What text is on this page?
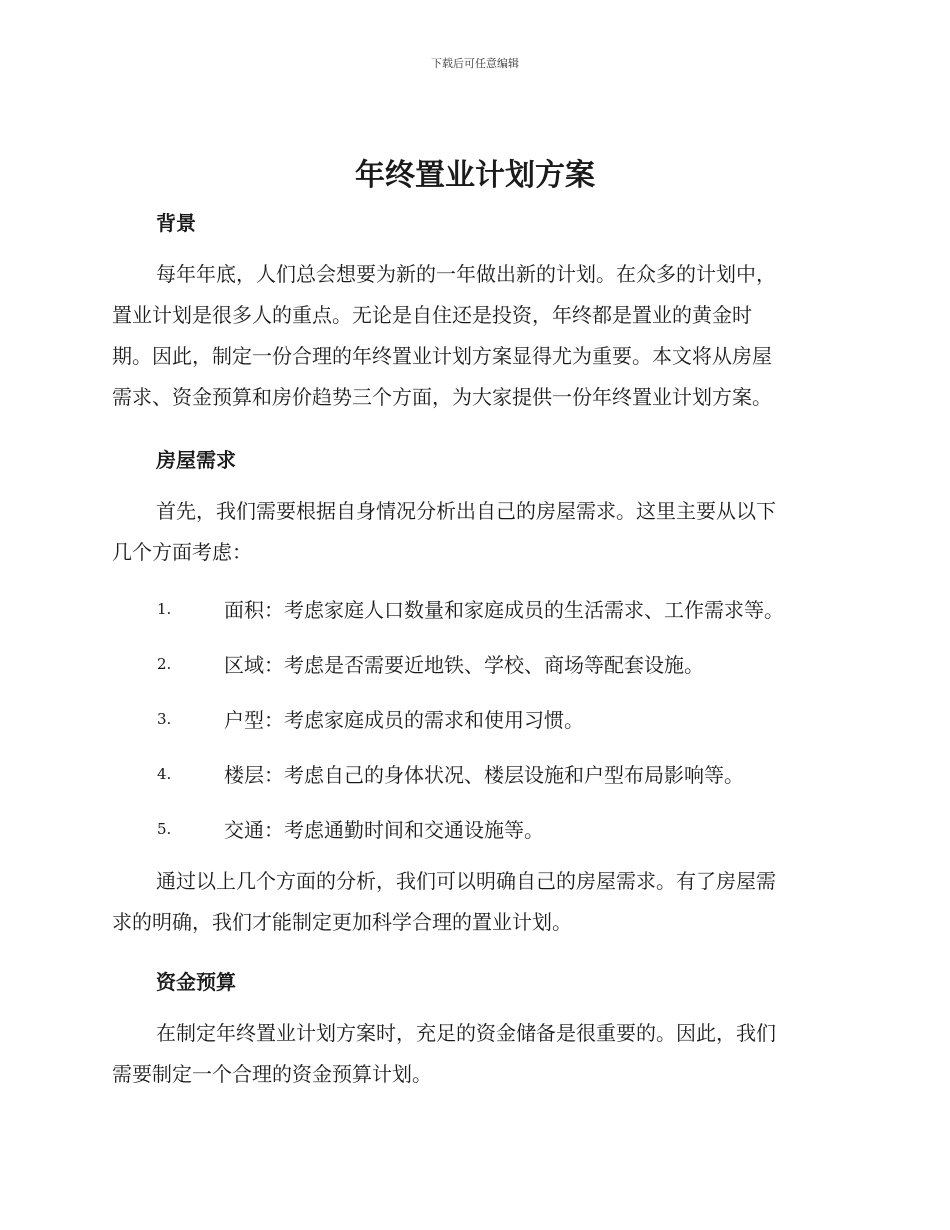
下载后可任意编辑
年终置业计划方案
背景

每年年底，人们总会想要为新的一年做出新的计划。在众多的计划中，
置业计划是很多人的重点。无论是自住还是投资，年终都是置业的黄金时
期。因此，制定一份合理的年终置业计划方案显得尤为重要。本文将从房屋
需求、资金预算和房价趋势三个方面，为大家提供一份年终置业计划方案。

房屋需求

首先，我们需要根据自身情况分析出自己的房屋需求。这里主要从以下
几个方面考虑：

1.	面积：考虑家庭人口数量和家庭成员的生活需求、工作需求等。
2.	区域：考虑是否需要近地铁、学校、商场等配套设施。
3.	户型：考虑家庭成员的需求和使用习惯。
4.	楼层：考虑自己的身体状况、楼层设施和户型布局影响等。
5.	交通：考虑通勤时间和交通设施等。

通过以上几个方面的分析，我们可以明确自己的房屋需求。有了房屋需
求的明确，我们才能制定更加科学合理的置业计划。

资金预算

在制定年终置业计划方案时，充足的资金储备是很重要的。因此，我们
需要制定一个合理的资金预算计划。
